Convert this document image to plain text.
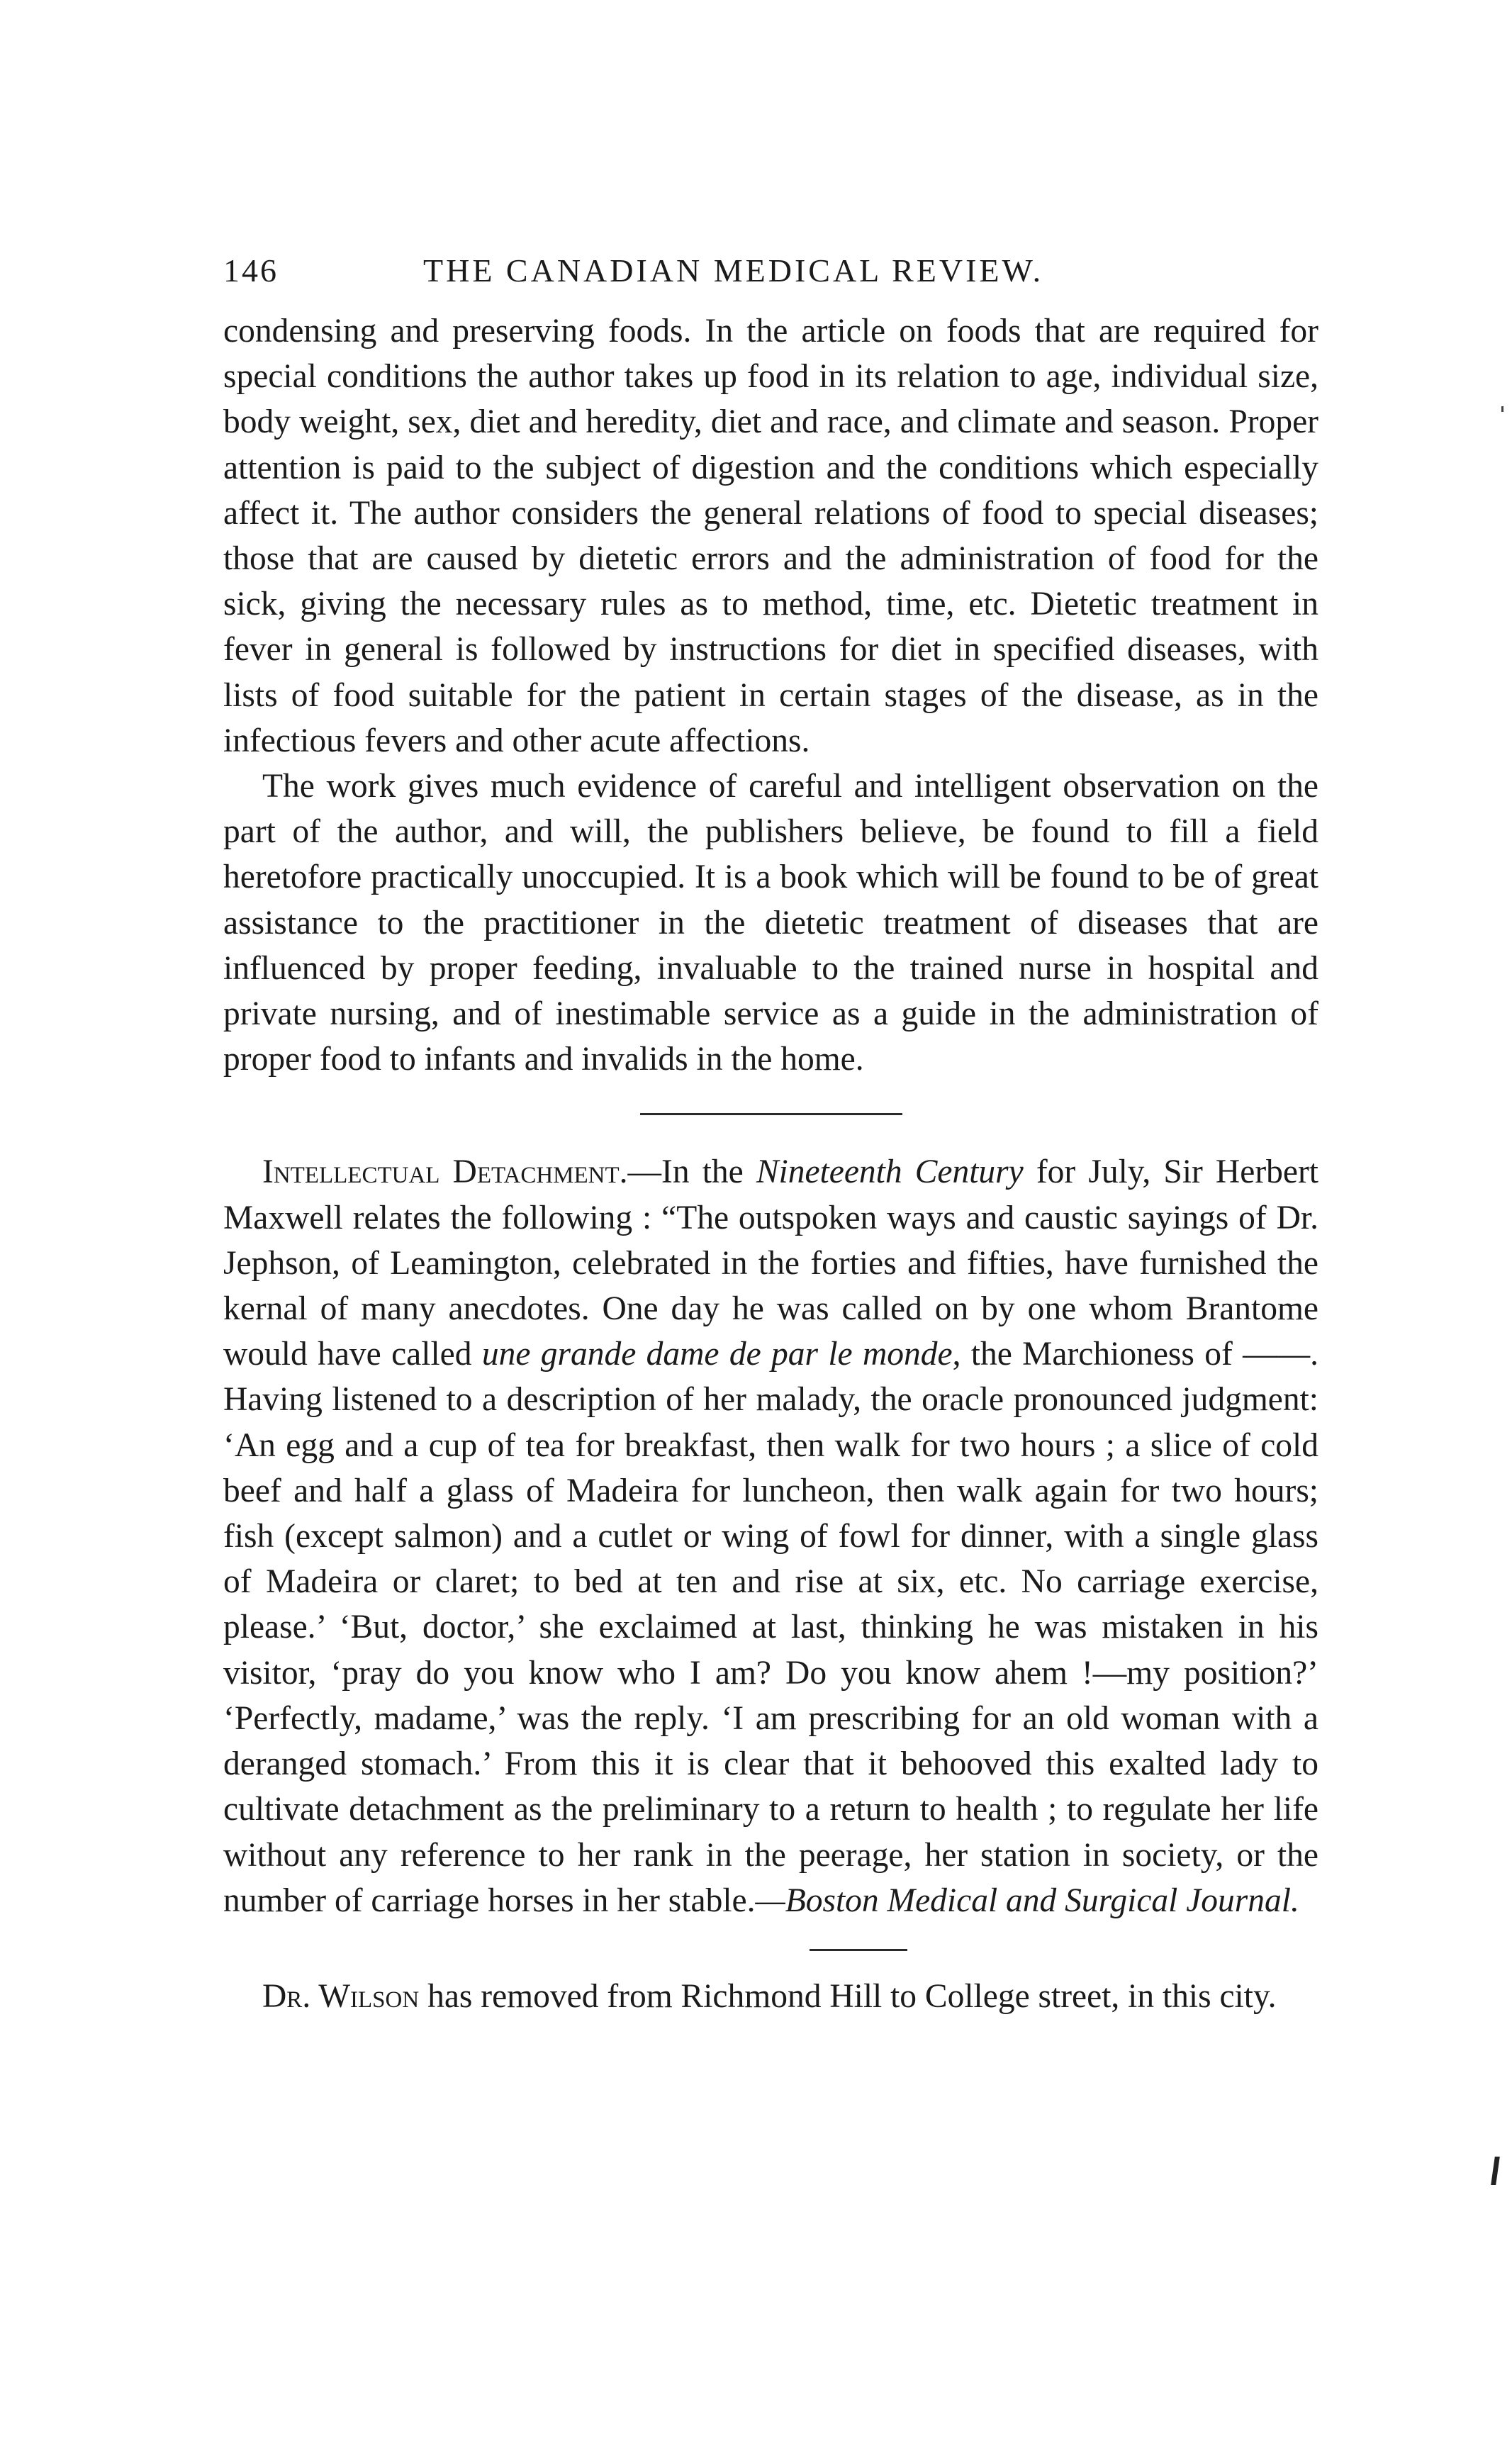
146	THE CANADIAN MEDICAL REVIEW.

condensing and preserving foods. In the article on foods that are required for special conditions the author takes up food in its relation to age, individual size, body weight, sex, diet and heredity, diet and race, and climate and season. Proper attention is paid to the subject of digestion and the conditions which especially affect it. The author considers the general relations of food to special diseases; those that are caused by dietetic errors and the administration of food for the sick, giving the necessary rules as to method, time, etc. Dietetic treatment in fever in general is followed by instructions for diet in specified diseases, with lists of food suitable for the patient in certain stages of the disease, as in the infectious fevers and other acute affections.

The work gives much evidence of careful and intelligent observation on the part of the author, and will, the publishers believe, be found to fill a field heretofore practically unoccupied. It is a book which will be found to be of great assistance to the practitioner in the dietetic treatment of diseases that are influenced by proper feeding, invaluable to the trained nurse in hospital and private nursing, and of inestimable service as a guide in the administration of proper food to infants and invalids in the home.

Intellectual Detachment.—In the Nineteenth Century for July, Sir Herbert Maxwell relates the following : “The outspoken ways and caustic sayings of Dr. Jephson, of Leamington, celebrated in the forties and fifties, have furnished the kernal of many anecdotes. One day he was called on by one whom Brantome would have called une grande dame de par le monde, the Marchioness of ——. Having listened to a description of her malady, the oracle pronounced judgment: ‘An egg and a cup of tea for breakfast, then walk for two hours ; a slice of cold beef and half a glass of Madeira for luncheon, then walk again for two hours; fish (except salmon) and a cutlet or wing of fowl for dinner, with a single glass of Madeira or claret; to bed at ten and rise at six, etc. No carriage exercise, please.’ ‘But, doctor,’ she exclaimed at last, thinking he was mistaken in his visitor, ‘pray do you know who I am? Do you know ahem !—my position?’ ‘Perfectly, madame,’ was the reply. ‘I am prescribing for an old woman with a deranged stomach.’ From this it is clear that it behooved this exalted lady to cultivate detachment as the preliminary to a return to health ; to regulate her life without any reference to her rank in the peerage, her station in society, or the number of carriage horses in her stable.—Boston Medical and Surgical Journal.

Dr. Wilson has removed from Richmond Hill to College street, in this city.
